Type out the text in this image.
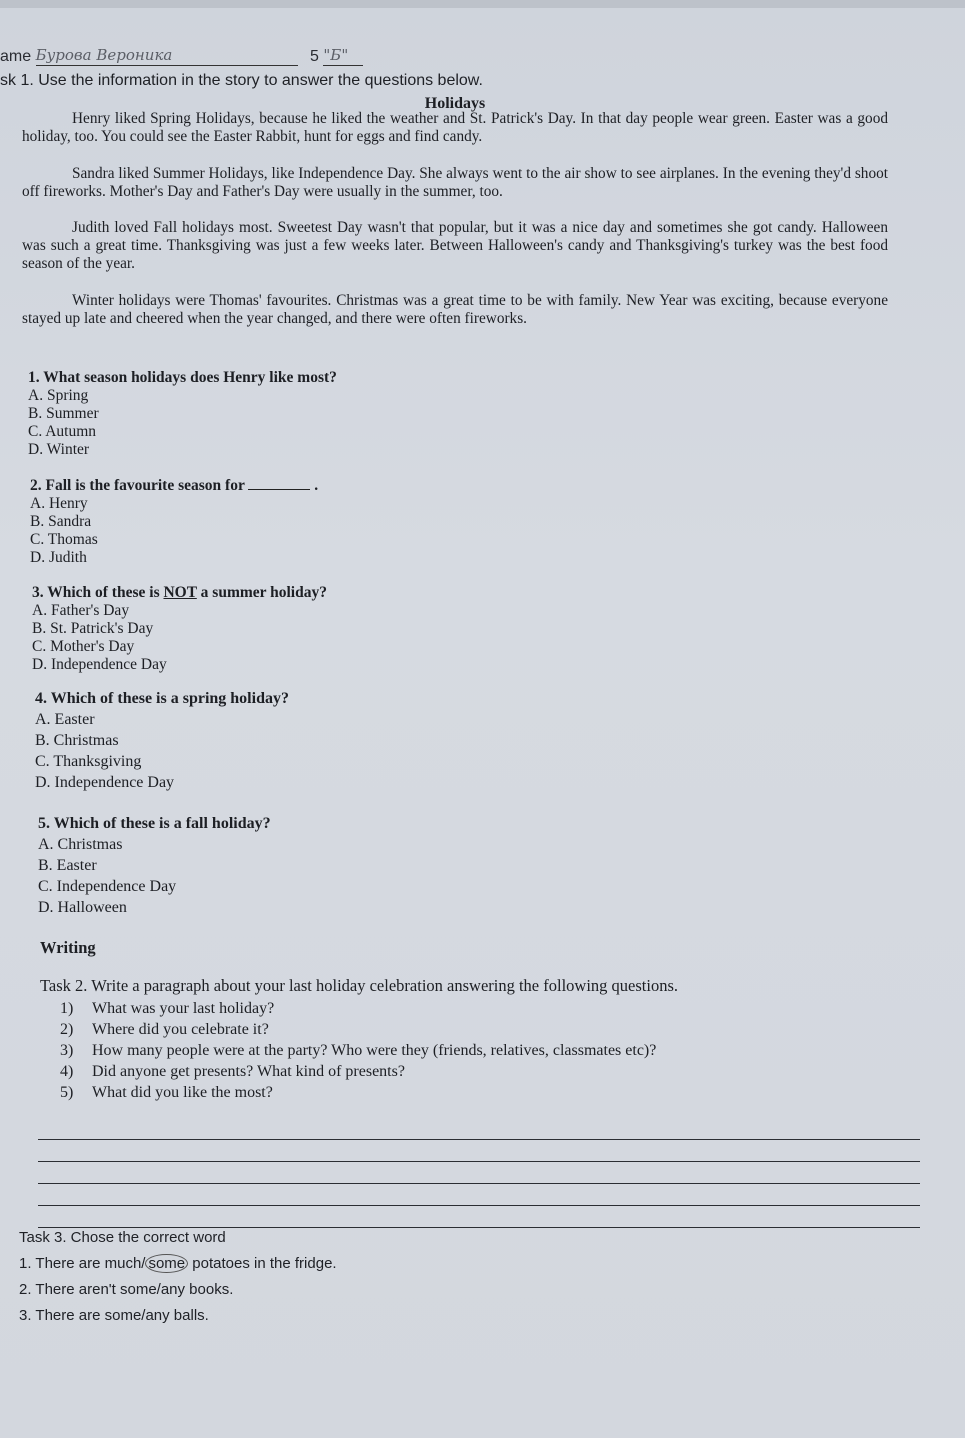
ame Бурова Вероника	5 "Б"
sk 1. Use the information in the story to answer the questions below.
Holidays
Henry liked Spring Holidays, because he liked the weather and St. Patrick's Day. In that day people wear green. Easter was a good holiday, too. You could see the Easter Rabbit, hunt for eggs and find candy.
Sandra liked Summer Holidays, like Independence Day. She always went to the air show to see airplanes. In the evening they'd shoot off fireworks. Mother's Day and Father's Day were usually in the summer, too.
Judith loved Fall holidays most. Sweetest Day wasn't that popular, but it was a nice day and sometimes she got candy. Halloween was such a great time. Thanksgiving was just a few weeks later. Between Halloween's candy and Thanksgiving's turkey was the best food season of the year.
Winter holidays were Thomas' favourites. Christmas was a great time to be with family. New Year was exciting, because everyone stayed up late and cheered when the year changed, and there were often fireworks.
1. What season holidays does Henry like most?
A. Spring
B. Summer
C. Autumn
D. Winter
2. Fall is the favourite season for	.
A. Henry
B. Sandra
C. Thomas
D. Judith
3. Which of these is NOT a summer holiday?
A. Father's Day
B. St. Patrick's Day
C. Mother's Day
D. Independence Day
4. Which of these is a spring holiday?
A. Easter
B. Christmas
C. Thanksgiving
D. Independence Day
5. Which of these is a fall holiday?
A. Christmas
B. Easter
C. Independence Day
D. Halloween
Writing
Task 2. Write a paragraph about your last holiday celebration answering the following questions.
1) What was your last holiday?
2) Where did you celebrate it?
3) How many people were at the party? Who were they (friends, relatives, classmates etc)?
4) Did anyone get presents? What kind of presents?
5) What did you like the most?
Task 3. Chose the correct word
1. There are much/ some potatoes in the fridge.
2. There aren't some/any books.
3. There are some/any balls.
